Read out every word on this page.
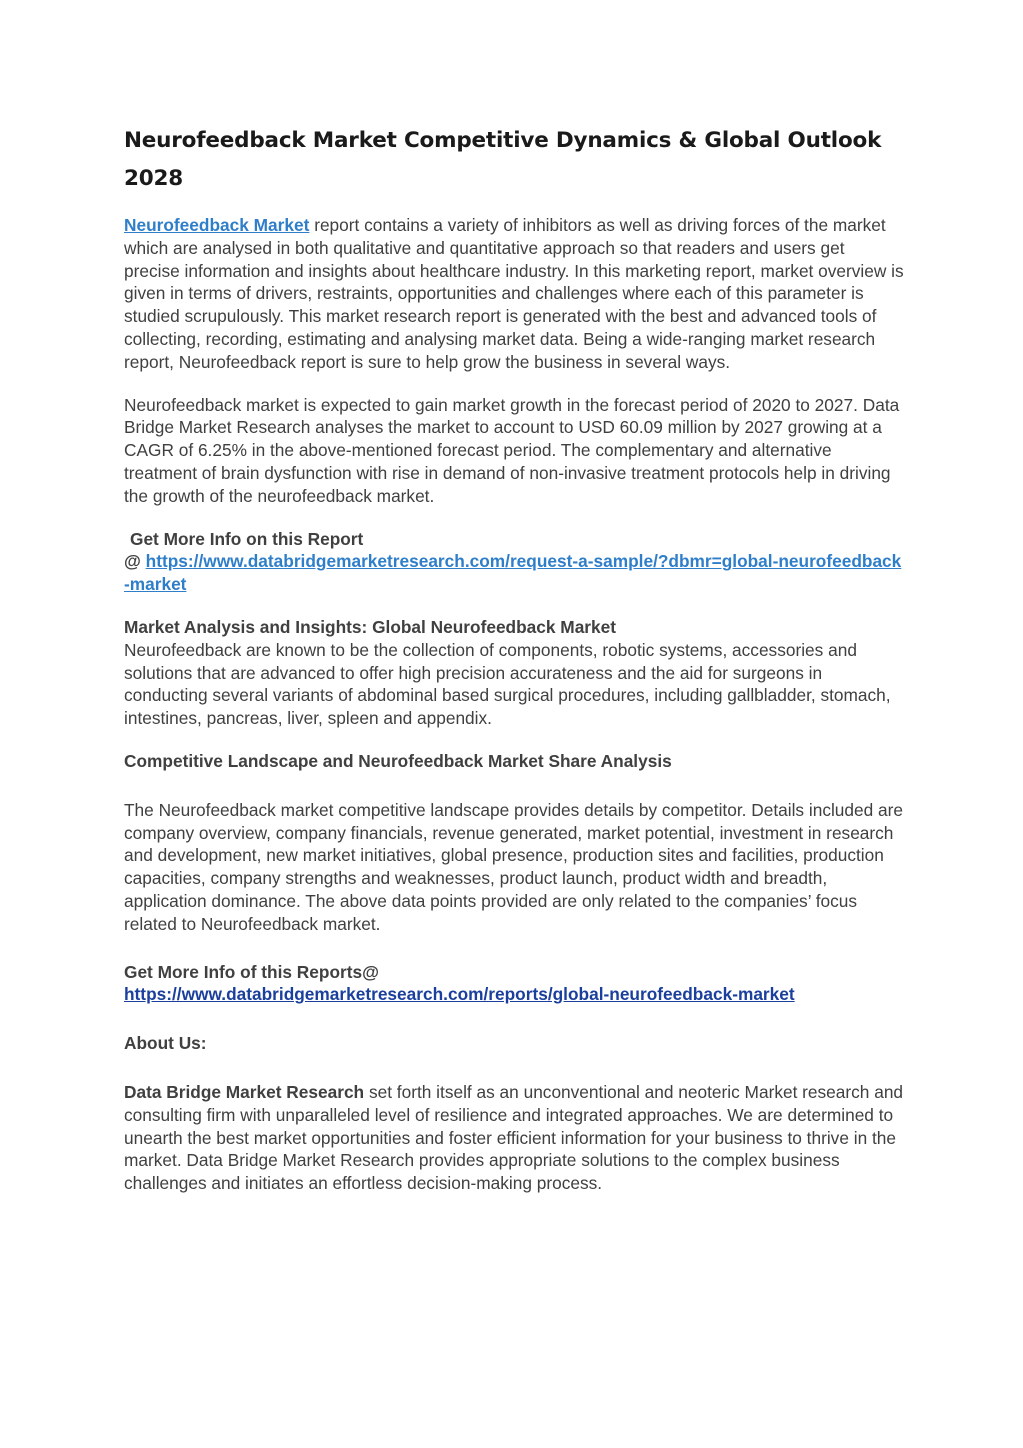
Neurofeedback Market Competitive Dynamics & Global Outlook 2028

Neurofeedback Market report contains a variety of inhibitors as well as driving forces of the market which are analysed in both qualitative and quantitative approach so that readers and users get precise information and insights about healthcare industry. In this marketing report, market overview is given in terms of drivers, restraints, opportunities and challenges where each of this parameter is studied scrupulously. This market research report is generated with the best and advanced tools of collecting, recording, estimating and analysing market data. Being a wide-ranging market research report, Neurofeedback report is sure to help grow the business in several ways.

Neurofeedback market is expected to gain market growth in the forecast period of 2020 to 2027. Data Bridge Market Research analyses the market to account to USD 60.09 million by 2027 growing at a CAGR of 6.25% in the above-mentioned forecast period. The complementary and alternative treatment of brain dysfunction with rise in demand of non-invasive treatment protocols help in driving the growth of the neurofeedback market.

Get More Info on this Report
@ https://www.databridgemarketresearch.com/request-a-sample/?dbmr=global-neurofeedback-market

Market Analysis and Insights: Global Neurofeedback Market
Neurofeedback are known to be the collection of components, robotic systems, accessories and solutions that are advanced to offer high precision accurateness and the aid for surgeons in conducting several variants of abdominal based surgical procedures, including gallbladder, stomach, intestines, pancreas, liver, spleen and appendix.

Competitive Landscape and Neurofeedback Market Share Analysis

The Neurofeedback market competitive landscape provides details by competitor. Details included are company overview, company financials, revenue generated, market potential, investment in research and development, new market initiatives, global presence, production sites and facilities, production capacities, company strengths and weaknesses, product launch, product width and breadth, application dominance. The above data points provided are only related to the companies’ focus related to Neurofeedback market.

Get More Info of this Reports@
https://www.databridgemarketresearch.com/reports/global-neurofeedback-market

About Us:

Data Bridge Market Research set forth itself as an unconventional and neoteric Market research and consulting firm with unparalleled level of resilience and integrated approaches. We are determined to unearth the best market opportunities and foster efficient information for your business to thrive in the market. Data Bridge Market Research provides appropriate solutions to the complex business challenges and initiates an effortless decision-making process.
